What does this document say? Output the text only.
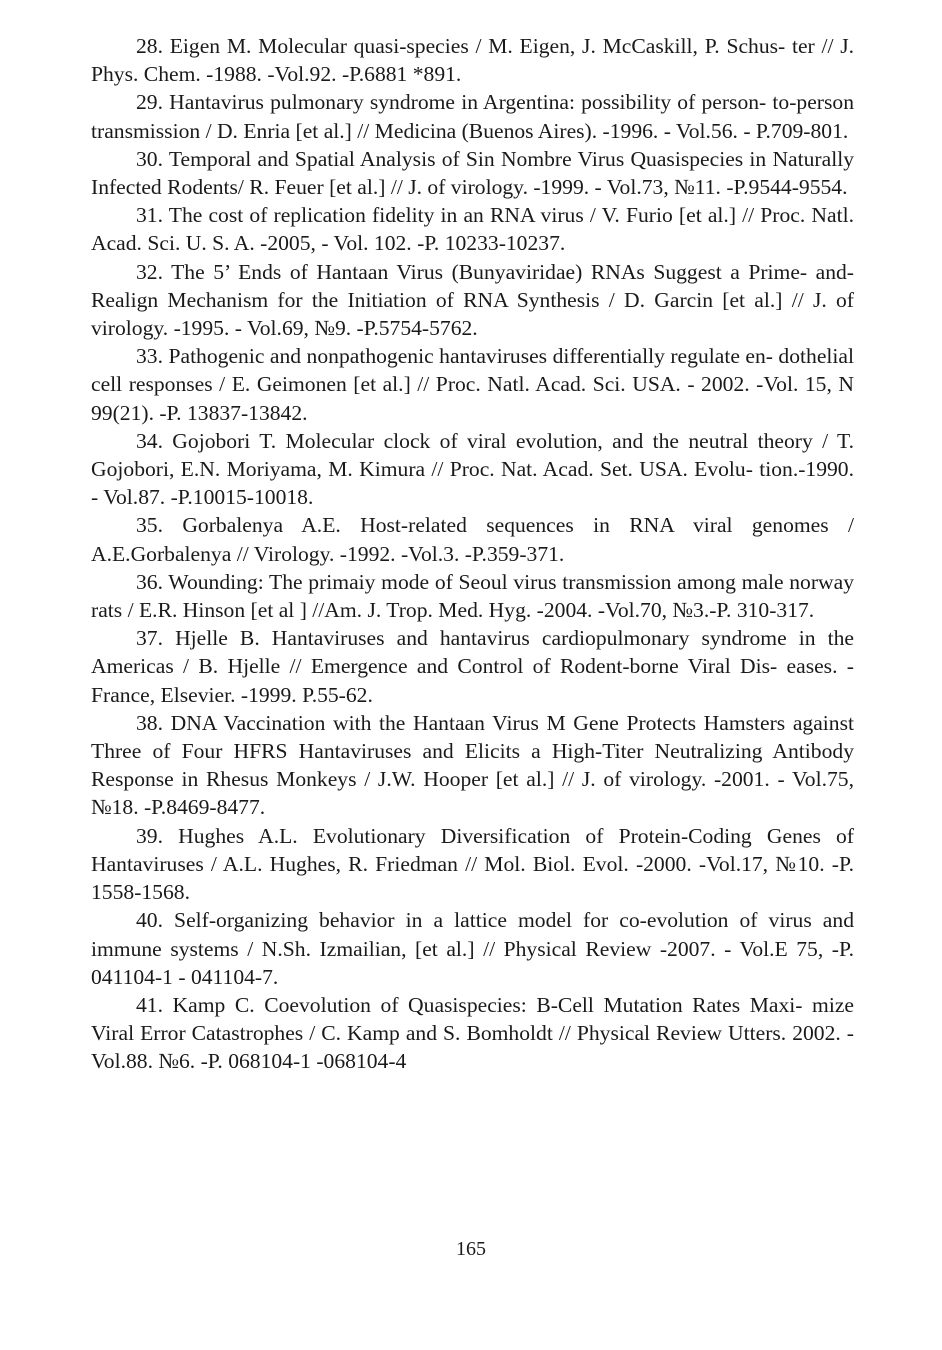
28. Eigen M. Molecular quasi-species / M. Eigen, J. McCaskill, P. Schus- ter // J. Phys. Chem. -1988. -Vol.92. -P.6881 *891.

29. Hantavirus pulmonary syndrome in Argentina: possibility of person- to-person transmission / D. Enria [et al.] // Medicina (Buenos Aires). -1996. - Vol.56. - P.709-801.

30. Temporal and Spatial Analysis of Sin Nombre Virus Quasispecies in Naturally Infected Rodents/ R. Feuer [et al.] // J. of virology. -1999. - Vol.73, №11. -P.9544-9554.

31. The cost of replication fidelity in an RNA virus / V. Furio [et al.] // Proc. Natl. Acad. Sci. U. S. A. -2005, - Vol. 102. -P. 10233-10237.

32. The 5’ Ends of Hantaan Virus (Bunyaviridae) RNAs Suggest a Prime- and-Realign Mechanism for the Initiation of RNA Synthesis / D. Garcin [et al.] // J. of virology. -1995. - Vol.69, №9. -P.5754-5762.

33. Pathogenic and nonpathogenic hantaviruses differentially regulate en- dothelial cell responses / E. Geimonen [et al.] // Proc. Natl. Acad. Sci. USA. - 2002. -Vol. 15, N 99(21). -P. 13837-13842.

34. Gojobori T. Molecular clock of viral evolution, and the neutral theory / T. Gojobori, E.N. Moriyama, M. Kimura // Proc. Nat. Acad. Set. USA. Evolu- tion.-1990. - Vol.87. -P.10015-10018.

35. Gorbalenya A.E. Host-related sequences in RNA viral genomes / A.E.Gorbalenya // Virology. -1992. -Vol.3. -P.359-371.

36. Wounding: The primaiy mode of Seoul virus transmission among male norway rats / E.R. Hinson [et al ] //Am. J. Trop. Med. Hyg. -2004. -Vol.70, №3.-P. 310-317.

37. Hjelle B. Hantaviruses and hantavirus cardiopulmonary syndrome in the Americas / B. Hjelle // Emergence and Control of Rodent-borne Viral Dis- eases. -France, Elsevier. -1999. P.55-62.

38. DNA Vaccination with the Hantaan Virus M Gene Protects Hamsters against Three of Four HFRS Hantaviruses and Elicits a High-Titer Neutralizing Antibody Response in Rhesus Monkeys / J.W. Hooper [et al.] // J. of virology. -2001. - Vol.75, №18. -P.8469-8477.

39. Hughes A.L. Evolutionary Diversification of Protein-Coding Genes of Hantaviruses / A.L. Hughes, R. Friedman // Mol. Biol. Evol. -2000. -Vol.17, №10. -P. 1558-1568.

40. Self-organizing behavior in a lattice model for co-evolution of virus and immune systems / N.Sh. Izmailian, [et al.] // Physical Review -2007. - Vol.E 75, -P. 041104-1 - 041104-7.

41. Kamp C. Coevolution of Quasispecies: B-Cell Mutation Rates Maxi- mize Viral Error Catastrophes / C. Kamp and S. Bomholdt // Physical Review Utters. 2002. -Vol.88. №6. -P. 068104-1 -068104-4

165
